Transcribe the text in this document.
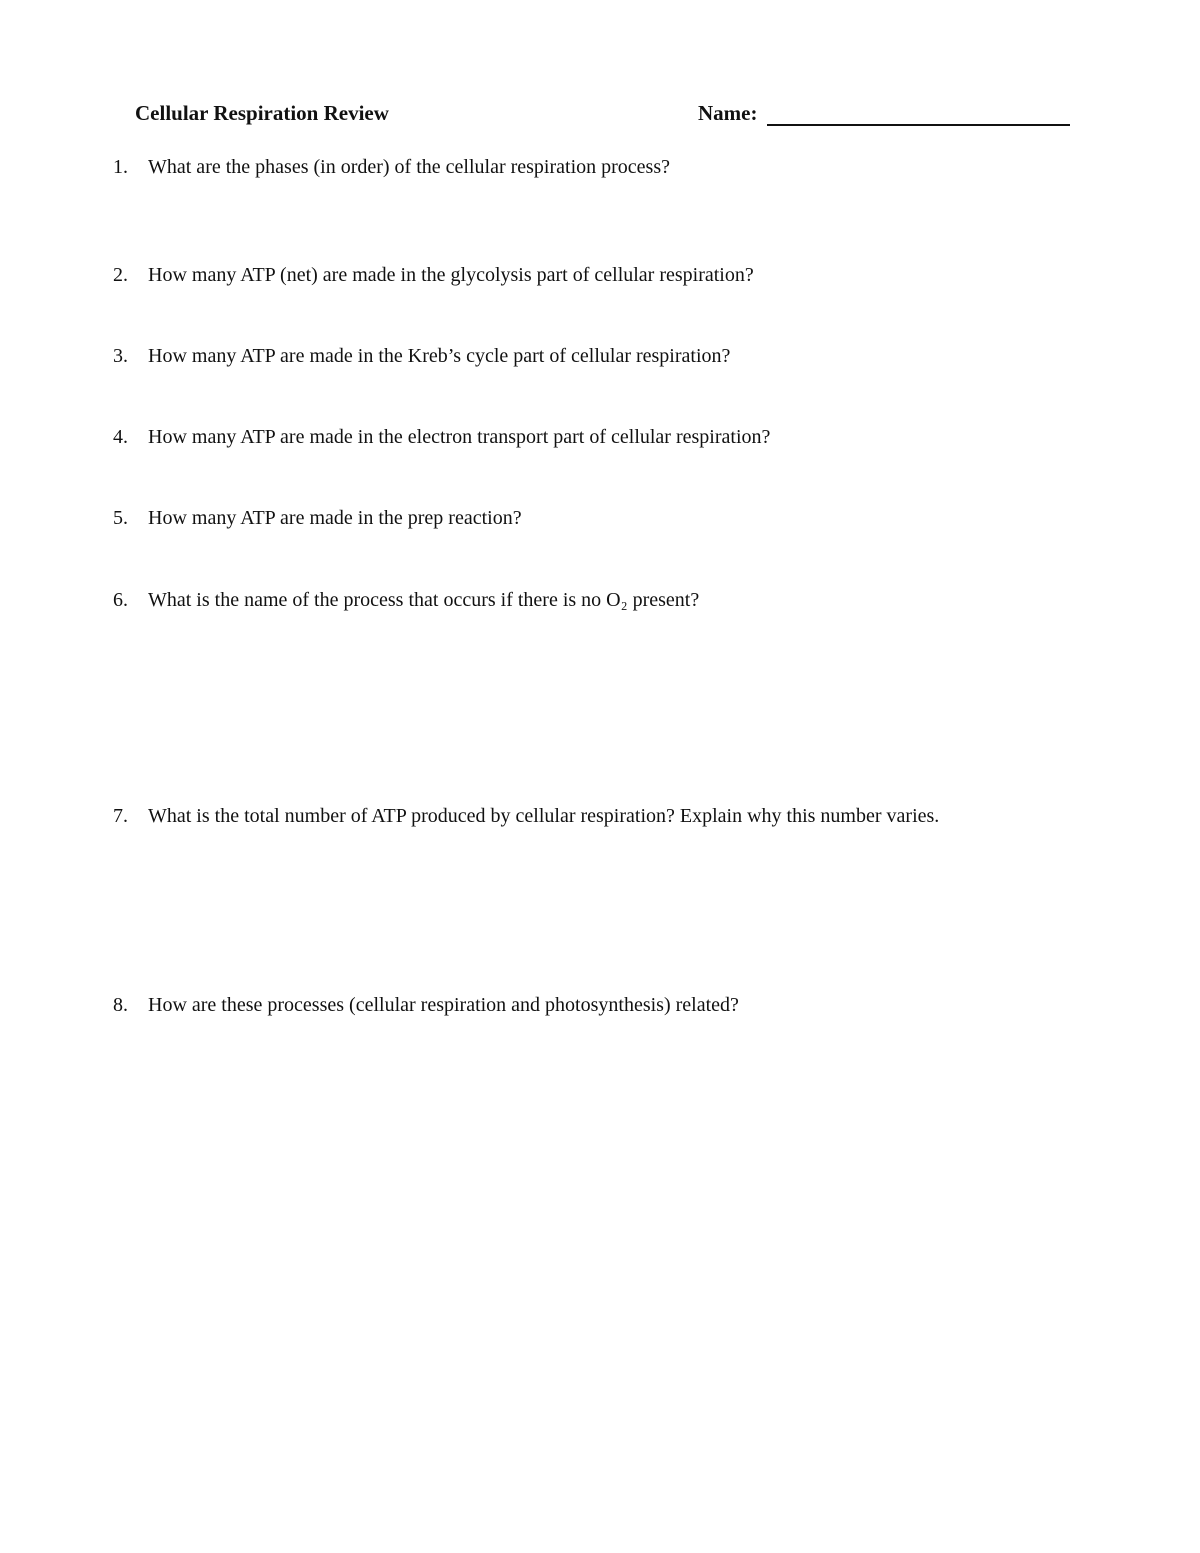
Cellular Respiration Review	Name:
1. What are the phases (in order) of the cellular respiration process?
2. How many ATP (net) are made in the glycolysis part of cellular respiration?
3. How many ATP are made in the Kreb’s cycle part of cellular respiration?
4. How many ATP are made in the electron transport part of cellular respiration?
5. How many ATP are made in the prep reaction?
6. What is the name of the process that occurs if there is no O₂ present?
7. What is the total number of ATP produced by cellular respiration? Explain why this number varies.
8. How are these processes (cellular respiration and photosynthesis) related?
